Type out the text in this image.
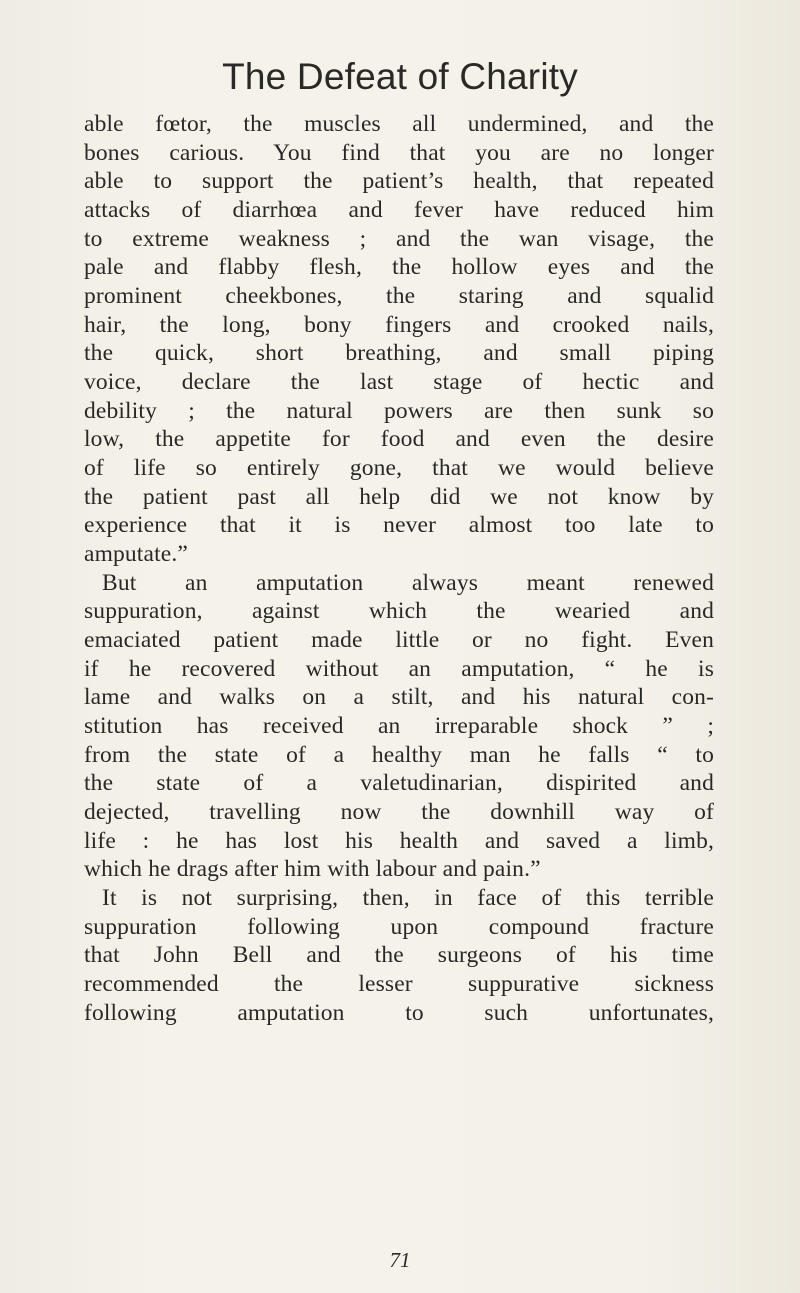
The Defeat of Charity
able fœtor, the muscles all undermined, and the
bones carious. You find that you are no longer
able to support the patient’s health, that repeated
attacks of diarrhœa and fever have reduced him
to extreme weakness ; and the wan visage, the
pale and flabby flesh, the hollow eyes and the
prominent cheekbones, the staring and squalid
hair, the long, bony fingers and crooked nails,
the quick, short breathing, and small piping
voice, declare the last stage of hectic and
debility ; the natural powers are then sunk so
low, the appetite for food and even the desire
of life so entirely gone, that we would believe
the patient past all help did we not know by
experience that it is never almost too late to
amputate.”
But an amputation always meant renewed
suppuration, against which the wearied and
emaciated patient made little or no fight. Even
if he recovered without an amputation, “ he is
lame and walks on a stilt, and his natural con-
stitution has received an irreparable shock ” ;
from the state of a healthy man he falls “ to
the state of a valetudinarian, dispirited and
dejected, travelling now the downhill way of
life : he has lost his health and saved a limb,
which he drags after him with labour and pain.”
It is not surprising, then, in face of this terrible
suppuration following upon compound fracture
that John Bell and the surgeons of his time
recommended the lesser suppurative sickness
following amputation to such unfortunates,
71
